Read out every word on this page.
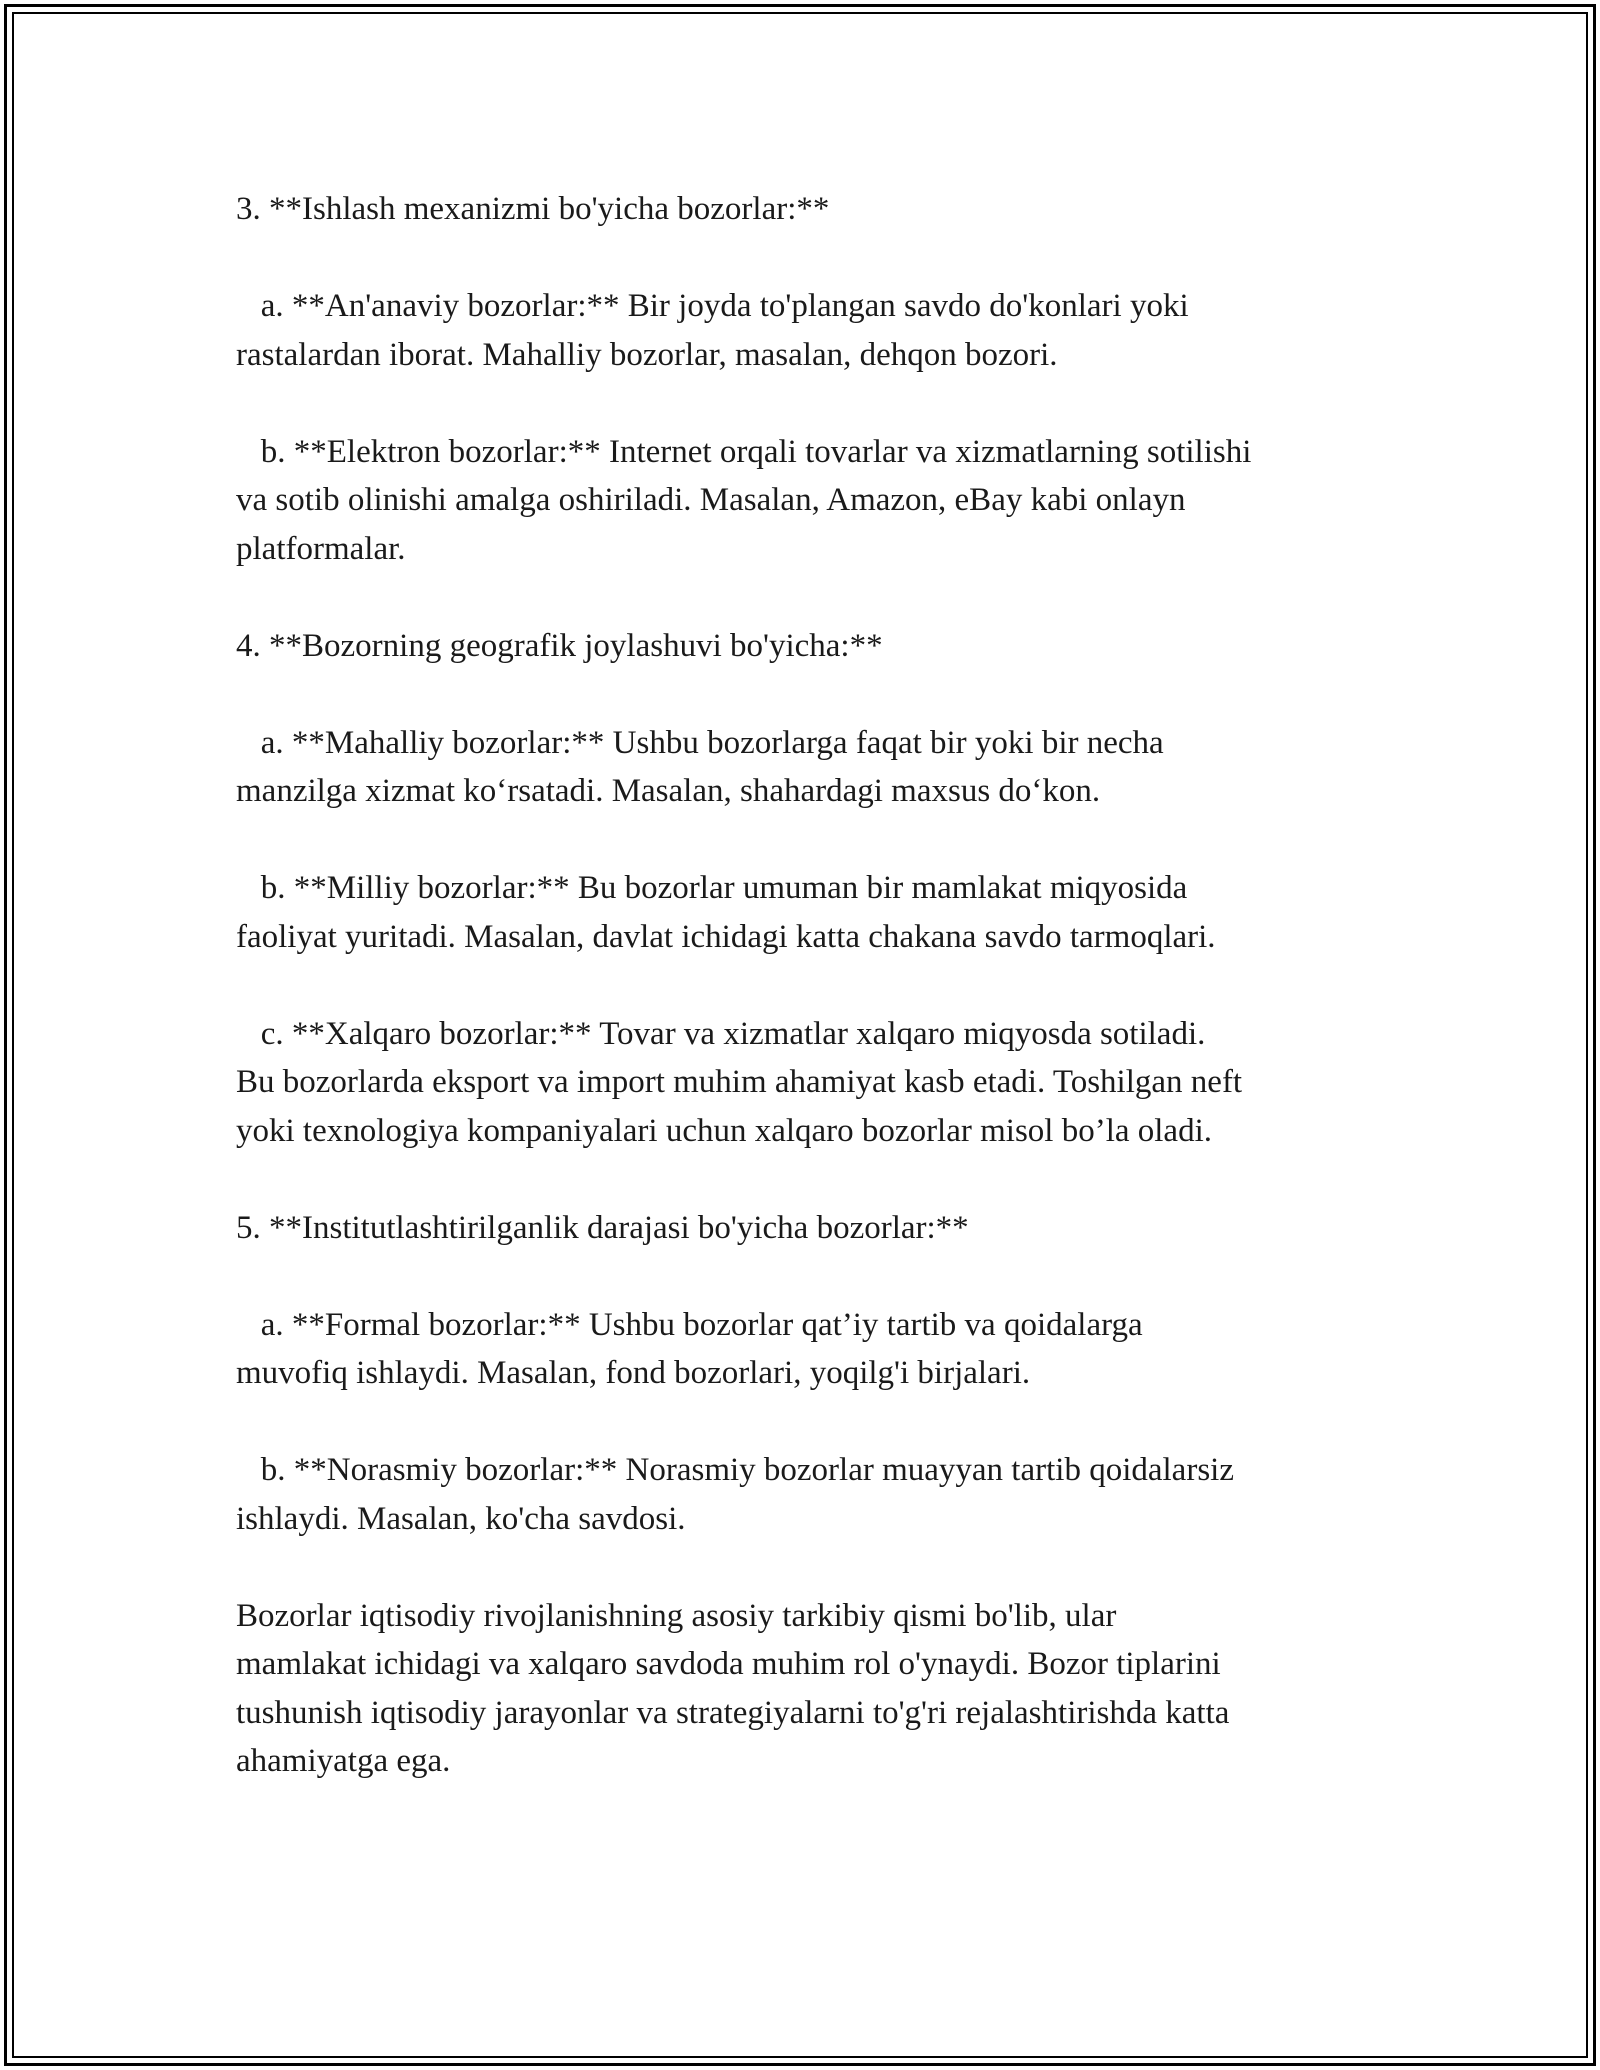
3. **Ishlash mexanizmi bo'yicha bozorlar:**

a. **An'anaviy bozorlar:** Bir joyda to'plangan savdo do'konlari yoki
rastalardan iborat. Mahalliy bozorlar, masalan, dehqon bozori.

b. **Elektron bozorlar:** Internet orqali tovarlar va xizmatlarning sotilishi
va sotib olinishi amalga oshiriladi. Masalan, Amazon, eBay kabi onlayn
platformalar.

4. **Bozorning geografik joylashuvi bo'yicha:**

a. **Mahalliy bozorlar:** Ushbu bozorlarga faqat bir yoki bir necha
manzilga xizmat ko‘rsatadi. Masalan, shahardagi maxsus do‘kon.

b. **Milliy bozorlar:** Bu bozorlar umuman bir mamlakat miqyosida
faoliyat yuritadi. Masalan, davlat ichidagi katta chakana savdo tarmoqlari.

c. **Xalqaro bozorlar:** Tovar va xizmatlar xalqaro miqyosda sotiladi.
Bu bozorlarda eksport va import muhim ahamiyat kasb etadi. Toshilgan neft
yoki texnologiya kompaniyalari uchun xalqaro bozorlar misol bo’la oladi.

5. **Institutlashtirilganlik darajasi bo'yicha bozorlar:**

a. **Formal bozorlar:** Ushbu bozorlar qat’iy tartib va qoidalarga
muvofiq ishlaydi. Masalan, fond bozorlari, yoqilg'i birjalari.

b. **Norasmiy bozorlar:** Norasmiy bozorlar muayyan tartib qoidalarsiz
ishlaydi. Masalan, ko'cha savdosi.

Bozorlar iqtisodiy rivojlanishning asosiy tarkibiy qismi bo'lib, ular
mamlakat ichidagi va xalqaro savdoda muhim rol o'ynaydi. Bozor tiplarini
tushunish iqtisodiy jarayonlar va strategiyalarni to'g'ri rejalashtirishda katta
ahamiyatga ega.
